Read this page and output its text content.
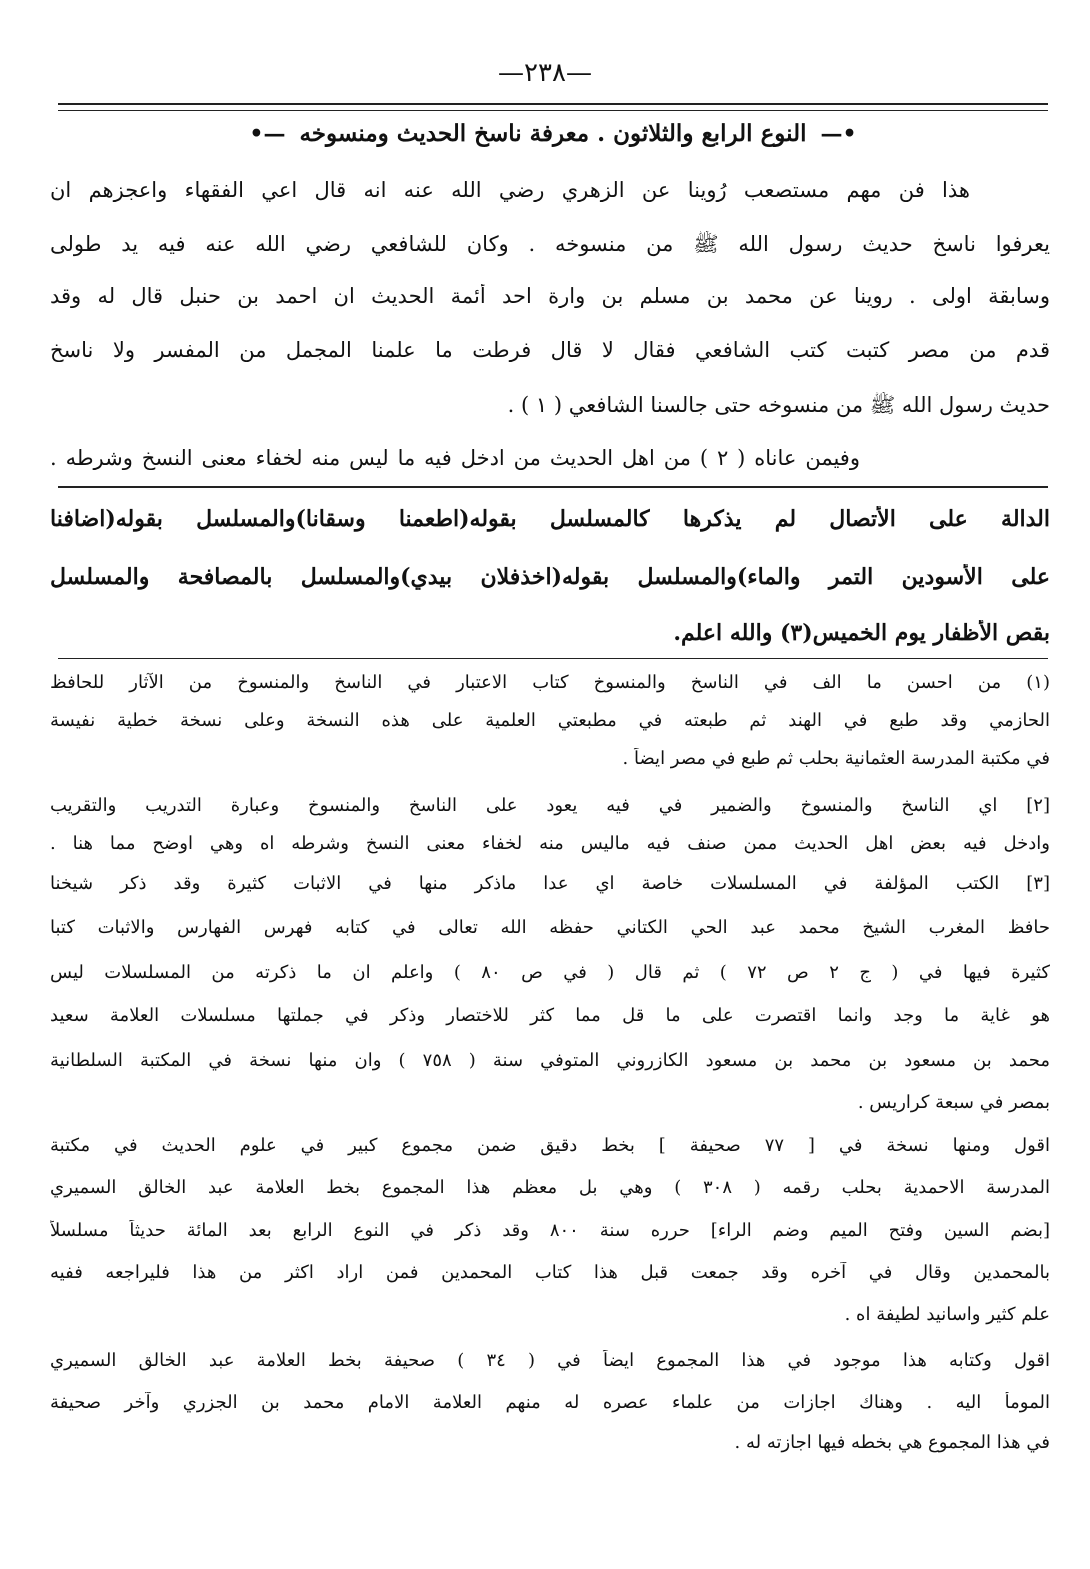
—٢٣٨—
•— النوع الرابع والثلاثون . معرفة ناسخ الحديث ومنسوخه —•
هذا فن مهم مستصعب رُوينا عن الزهري رضي الله عنه انه قال اعي الفقهاء واعجزهم ان
يعرفوا ناسخ حديث رسول الله ﷺ من منسوخه . وكان للشافعي رضي الله عنه فيه يد طولى
وسابقة اولى . روينا عن محمد بن مسلم بن وارة احد أئمة الحديث ان احمد بن حنبل قال له وقد
قدم من مصر كتبت كتب الشافعي فقال لا قال فرطت ما علمنا المجمل من المفسر ولا ناسخ
حديث رسول الله ﷺ من منسوخه حتى جالسنا الشافعي ( ١ ) .
وفيمن عاناه ( ٢ ) من اهل الحديث من ادخل فيه ما ليس منه لخفاء معنى النسخ وشرطه .
الدالة على الأتصال لم يذكرها كالمسلسل بقوله(اطعمنا وسقانا)والمسلسل بقوله(اضافنا
على الأسودين التمر والماء)والمسلسل بقوله(اخذفلان بيدي)والمسلسل بالمصافحة والمسلسل
بقص الأظفار يوم الخميس(٣) والله اعلم.
(١) من احسن ما الف في الناسخ والمنسوخ كتاب الاعتبار في الناسخ والمنسوخ من الآثار للحافظ
الحازمي وقد طبع في الهند ثم طبعته في مطبعتي العلمية على هذه النسخة وعلى نسخة خطية نفيسة
في مكتبة المدرسة العثمانية بحلب ثم طبع في مصر ايضاً .
[٢] اي الناسخ والمنسوخ والضمير في فيه يعود على الناسخ والمنسوخ وعبارة التدريب والتقريب
وادخل فيه بعض اهل الحديث ممن صنف فيه ماليس منه لخفاء معنى النسخ وشرطه اه وهي اوضح مما هنا .
[٣] الكتب المؤلفة في المسلسلات خاصة اي عدا ماذكر منها في الاثبات كثيرة وقد ذكر شيخنا
حافظ المغرب الشيخ محمد عبد الحي الكتاني حفظه الله تعالى في كتابه فهرس الفهارس والاثبات كتبا
كثيرة فيها في ( ج ٢ ص ٧٢ ) ثم قال ( في ص ٨٠ ) واعلم ان ما ذكرته من المسلسلات ليس
هو غاية ما وجد وانما اقتصرت على ما قل مما كثر للاختصار وذكر في جملتها مسلسلات العلامة سعيد
محمد بن مسعود بن محمد بن مسعود الكازروني المتوفي سنة ( ٧٥٨ ) وان منها نسخة في المكتبة السلطانية
بمصر في سبعة كراريس .
اقول ومنها نسخة في [ ٧٧ صحيفة ] بخط دقيق ضمن مجموع كبير في علوم الحديث في مكتبة
المدرسة الاحمدية بحلب رقمه ( ٣٠٨ ) وهي بل معظم هذا المجموع بخط العلامة عبد الخالق السميري
[بضم السين وفتح الميم وضم الراء] حرره سنة ٨٠٠ وقد ذكر في النوع الرابع بعد المائة حديثاً مسلسلاً
بالمحمدين وقال في آخره وقد جمعت قبل هذا كتاب المحمدين فمن اراد اكثر من هذا فليراجعه ففيه
علم كثير واسانيد لطيفة اه .
اقول وكتابه هذا موجود في هذا المجموع ايضاً في ( ٣٤ ) صحيفة بخط العلامة عبد الخالق السميري
المومأ اليه . وهناك اجازات من علماء عصره له منهم العلامة الامام محمد بن الجزري وآخر صحيفة
في هذا المجموع هي بخطه فيها اجازته له .
